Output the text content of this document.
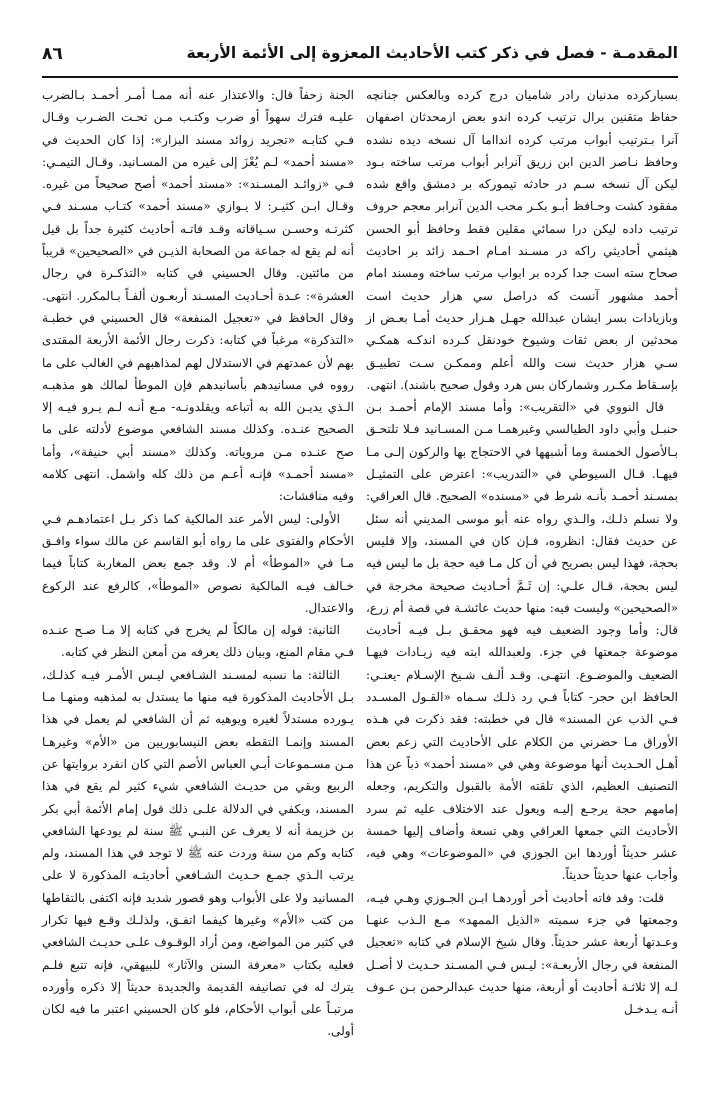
المقدمـة - فصل في ذكر كتب الأحاديث المعزوة إلى الأئمة الأربعة
٨٦

بسياركرده مدنيان رادر شاميان درج كرده وبالعكس جنانچه حفاظ متقنين برال ترتيب كرده اندو بعض ازمحدثان اصفهان آنرا بـترتيب أبواب مرتب كرده اندااما آل نسخه ديده نشده وحافظ نـاصر الدين ابن زريق آنرابر أبواب مرتب ساخته بـود ليكن آل نسخه سـم در حادثه تيمورکه بر دمشق واقع شده مفقود كشت وحـافظ أبـو بكـر محب الدين آنرابر معجم حروف ترتيب داده ليكن درا سمائي مقلين فقط وحافظ أبو الحسن هيثمي أحاديثي راكه در مسـند امـام احـمد زائد بر احاديث صحاح سته است جدا كرده بر ابواب مرتب ساخته ومسند امام أحمد مشهور آنست كه دراصل سي هزار حديث است وبازيادات بسر ايشان عبدالله جهـل هـزار حديث أمـا بعـض از محدثين از بعض ثقات وشيوخ خودنقل كـرده اندكـه همكـي سـي هزار حديث ست والله أعلم وممكـن سـت تطبيـق بإسـقاط مكـرر وشماركان بس هرد وقول صحيح باشند). انتهى.

قال النووي في «التقريب»: وأما مسند الإمام أحمـد بـن حنبـل وأبي داود الطيالسي وغيرهمـا مـن المسـانيد فـلا تلتحـق بـالأصول الخمسة وما أشبهها في الاحتجاج بها والركون إلـى مـا فيهـا. قـال السيوطي في «التدريب»: اعترض على التمثيـل بمسـند أحمـد بأنـه شرط في «مسنده» الصحيح. قال العراقي: ولا نسلم ذلـك، والـذي رواه عنه أبو موسى المديني أنه سئل عن حديث فقال: انظروه، فـإن كان في المسند، وإلا فليس بحجة، فهذا ليس بصريح في أن كل مـا فيه حجة بل ما ليس فيه ليس بحجة، قـال علـي: إن ثَـمَّ أحـاديث صحيحة مخرجة في «الصحيحين» وليست فيه: منها حديث عائشـة في قصة أم زرع، قال: وأما وجود الضعيف فيه فهو محقـق بـل فيـه أحاديث موضوعة جمعتها في جزء. ولعبدالله ابنه فيه زيـادات فيهـا الضعيف والموضـوع. انتهـى. وقـد ألـف شـيخ الإسـلام -يعنـي: الحافظ ابن حجر- كتاباً فـي رد ذلـك سـماه «القـول المسـدد فـي الذب عن المسند» قال في خطبته: فقد ذكرت في هـذه الأوراق مـا حضرني من الكلام على الأحاديث التي زعم بعض أهـل الحـديث أنها موضوعة وهي في «مسند أحمد» ذباً عن هذا التصنيف العظيم، الذي تلقته الأمة بالقبول والتكريم، وجعله إمامهم حجة يرجـع إليـه ويعول عند الاختلاف عليه ثم سرد الأحاديث التي جمعها العراقي وهي تسعة وأضاف إليها خمسة عشر حديثاً أوردها ابن الجوزي في «الموضوعات» وهي فيه، وأجاب عنها حديثاً حديثاً.

قلت: وقد فاته أحاديث أخر أوردهـا ابـن الجـوزي وهـي فيـه، وجمعتها في جزء سميته «الذيل الممهد» مـع الـذب عنهـا وعـدتها أربعة عشر حديثاً. وقال شيخ الإسلام في كتابه «تعجيل المنفعة في رجال الأربعـة»: ليـس فـي المسـند حـديث لا أصـل لـه إلا ثلاثـة أحاديث أو أربعة، منها حديث عبدالرحمن بـن عـوف أنـه يـدخـل

الجنة زحفاً قال: والاعتذار عنه أنه ممـا أمـر أحمـد بـالضرب عليـه فترك سهواً أو ضرب وكتـب مـن تحـت الضـرب وقـال فـي كتابـه «تجريد زوائد مسند البزار»: إذا كان الحديث في «مسند أحمد» لـم يُعْزَ إلى غيره من المسـانيد. وقـال التيمـي: فـي «زوائـد المسـند»: «مسند أحمد» أصح صحيحاً من غيره. وقـال ابـن كثيـر: لا يـوازي «مسند أحمد» كتـاب مسـند فـي كثرتـه وحسـن سـياقاته وقـد فاتـه أحاديث كثيرة جداً بل قيل أنه لم يقع له جماعة من الصحابة الذيـن في «الصحيحين» قريباً من مائتين. وقال الحسيني في كتابه «التذكـرة في رجال العشرة»: عـدة أحـاديث المسـند أربعـون ألفـاً بـالمكرر. انتهى. وقال الحافظ في «تعجيل المنفعة» قال الحسيني في خطبـة «التذكرة» مرغباً في كتابه: ذكرت رجال الأئمة الأربعة المقتدى بهم لأن عمدتهم في الاستدلال لهم لمذاهبهم في الغالب على ما رووه في مسانيدهم بأسانيدهم فإن الموطأ لمالك هو مذهبـه الـذي يديـن الله به أتباعه ويقلدونـه- مـع أنـه لـم يـرو فيـه إلا الصحيح عنـده. وكذلك مسند الشافعي موضوع لأدلته على ما صح عنـده مـن مروياته. وكذلك «مسند أبي حنيفة»، وأما «مسند أحمـد» فإنـه أعـم من ذلك كله واشمل. انتهى كلامه وفيه مناقشات:

الأولى: ليس الأمر عند المالكية كما ذكر بـل اعتمادهـم فـي الأحكام والفتوى على ما رواه أبو القاسم عن مالك سواء وافـق مـا في «الموطأ» أم لا. وقد جمع بعض المغاربة كتاباً فيما خـالف فيـه المالكية نصوص «الموطأ»، كالرفع عند الركوع والاعتدال.

الثانية: قوله إن مالكاً لم يخرج في كتابه إلا مـا صـح عنـده فـي مقام المنع، وبيان ذلك يعرفه من أمعن النظر في كتابه.

الثالثة: ما نسبه لمسـند الشـافعي ليـس الأمـر فيـه كذلـك، بـل الأحاديث المذكورة فيه منها ما يستدل به لمذهبه ومنهـا مـا يـورده مستدلاً لغيره ويوهيه ثم أن الشافعي لم يعمل في هذا المسند وإنمـا التقطه بعض النيسابوريين من «الأم» وغيرهـا مـن مسـموعات أبـي العباس الأصم التي كان انفرد بروايتها عن الربيع وبقي من حديـث الشافعي شيء كثير لم يقع في هذا المسند، ويكفي في الدلالة علـى ذلك قول إمام الأئمة أبي بكر بن خزيمة أنه لا يعرف عن النبـي ﷺ سنة لم يودعها الشافعي كتابه وكم من سنة وردت عنه ﷺ لا توجد في هذا المسند، ولم يرتب الـذي جمـع حـديث الشـافعي أحاديثـه المذكورة لا على المسانيد ولا على الأبواب وهو قصور شديد فإنه اكتفى بالتقاطها من كتب «الأم» وغيرها كيفما اتفـق، ولذلـك وقـع فيها تكرار في كثير من المواضع، ومن أراد الوقـوف علـى حديـث الشافعي فعليه بكتاب «معرفة السنن والآثار» للبيهقي، فإنه تتبع فلـم يترك له في تصانيفه القديمة والجديدة حديثاً إلا ذكره وأورده مرتبـاً على أبواب الأحكام، فلو كان الحسيني اعتبر ما فيه لكان أولى.
